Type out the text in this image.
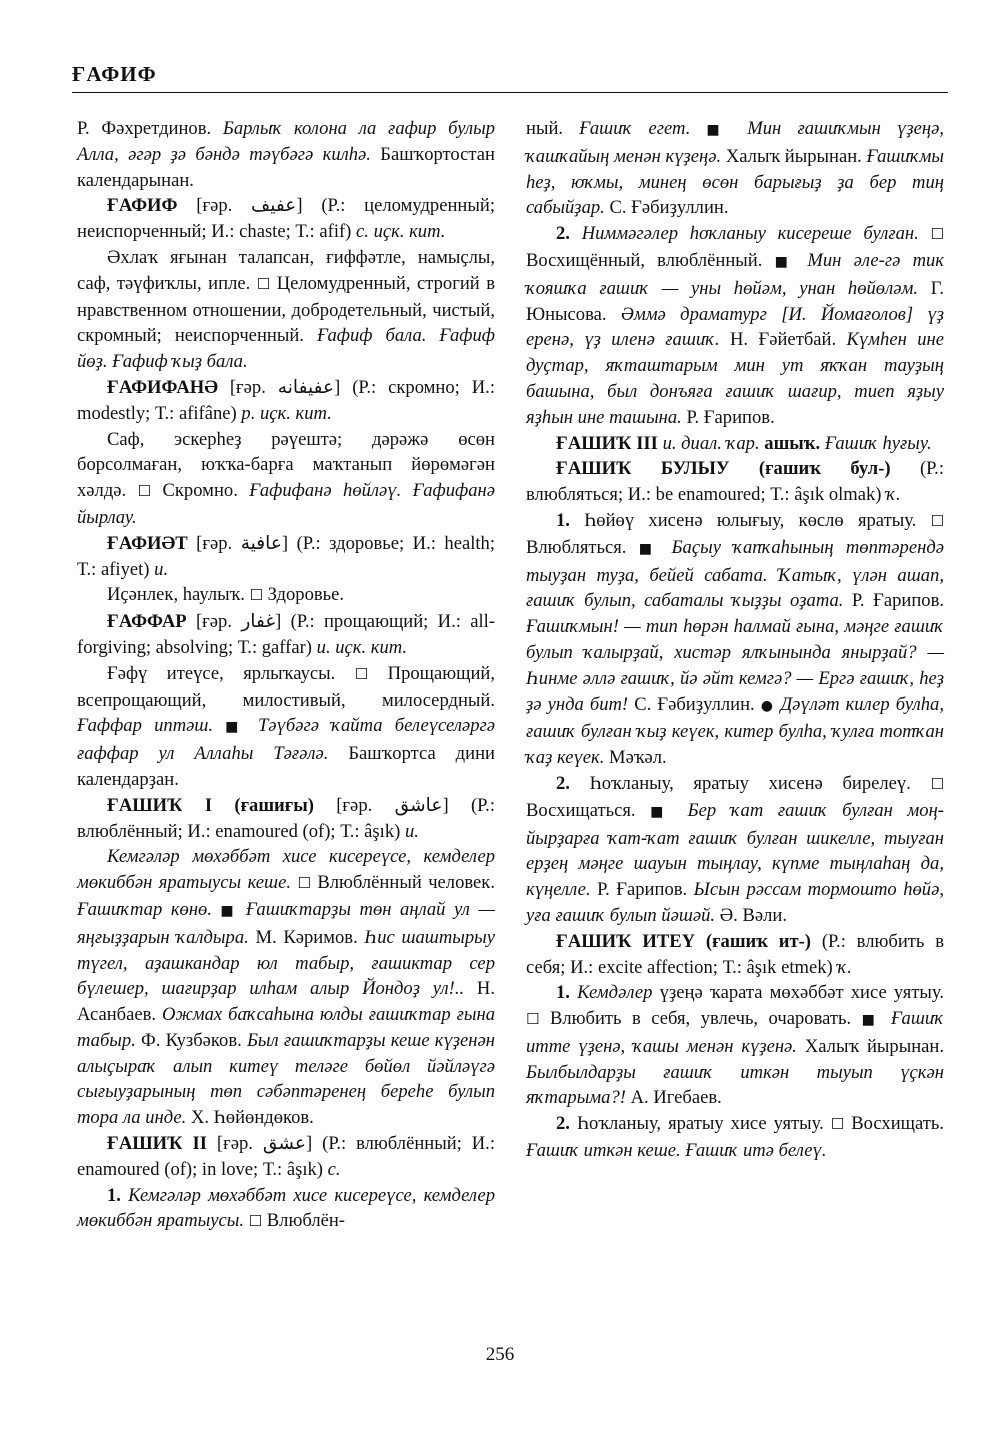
ҒАФИФ

Р. Фәхретдинов. Барлыҡ колона ла ғафир булыр Алла, әгәр ҙә бәндә тәүбәгә килһә. Башҡортостан календарынан.

ҒАФИФ [ғәр. عفيف] (Р.: целомудренный; неиспорченный; И.: chaste; Т.: afif) с. иҫк. кит.

Әхлаҡ яғынан талапсан, ғиффәтле, намыҫлы, саф, тәүфиҡлы, ипле. ☐ Целомудренный, строгий в нравственном отношении, добродетельный, чистый, скромный; неиспорченный. Ғафиф бала. Ғафиф йөҙ. Ғафиф ҡыҙ бала.

ҒАФИФАНӘ [ғәр. عفيفانه] (Р.: скромно; И.: modestly; Т.: afifâne) р. иҫк. кит.

Саф, эскерһеҙ рәүештә; дәрәжә өсөн борсолмаған, юҡҡа-барға маҡтанып йөрөмәгән хәлдә. ☐ Скромно. Ғафифанә һөйләү. Ғафифанә йырлау.

ҒАФИӘТ [ғәр. عافية] (Р.: здоровье; И.: health; Т.: afiyet) и.

Иҫәнлек, һаулыҡ. ☐ Здоровье.

ҒАФФАР [ғәр. غفار] (Р.: прощающий; И.: all-forgiving; absolving; Т.: gaffar) и. иҫк. кит.

Ғәфү итеүсе, ярлыҡаусы. ☐ Прощающий, всепрощающий, милостивый, милосердный. Ғаффар иптәш. ■ Тәүбәгә ҡайта белеүселәргә ғаффар ул Аллаһы Тәғәлә. Башҡортса дини календарҙан.

ҒАШИҠ I (ғашиғы) [ғәр. عاشق] (Р.: влюблённый; И.: enamoured (of); Т.: âşık) и.

Кемгәләр мөхәббәт хисе кисереүсе, кемделер мөкиббән яратыусы кеше. ☐ Влюблённый человек. Ғашиҡтар көнө. ■ Ғашиҡтарҙы төн аңлай ул — яңғыҙҙарын ҡалдыра. М. Кәримов. Һис шаштырыу түгел, аҙашкандар юл табыр, ғашиктар сер бүлешер, шағирҙар илһам алыр Йондоҙ ул!.. Н. Асанбаев. Ожмах баҡсаһына юлды ғашиҡтар ғына табыр. Ф. Кузбәков. Был ғашиҡтарҙы кеше күҙенән алыҫыраҡ алып китеү теләге бөйөл йәйләүгә сығыуҙарының төп сәбәптәренең береһе булып тора ла инде. Х. Һөйөндөков.

ҒАШИҠ II [ғәр. عشق] (Р.: влюблённый; И.: enamoured (of); in love; Т.: âşık) с.

1. Кемгәләр мөхәббәт хисе кисереүсе, кемделер мөкиббән яратыусы. ☐ Влюблён-

ный. Ғашиҡ егет. ■ Мин ғашиҡмын үҙеңә, ҡашҡайың менән күҙеңә. Халыҡ йырынан. Ғашиҡмы һеҙ, юҡмы, минең өсөн барығыҙ ҙа бер тиң сабыйҙар. С. Ғәбиҙуллин.

2. Ниммәгәлер һоҡланыу кисереше булған. ☐ Восхищённый, влюблённый. ■ Мин әле-гә тик ҡояшҡа ғашиҡ — уны һөйәм, унан һөйөләм. Г. Юнысова. Әммә драматург [И. Йомағолов] үҙ еренә, үҙ иленә ғашиҡ. Н. Ғәйетбай. Күмһен ине дуҫтар, яҡташтарым мин ут яҡҡан тауҙың башына, был донъяға ғашиҡ шағир, тиеп яҙыу яҙһын ине ташына. Р. Ғарипов.

ҒАШИҠ III и. диал. ҡар. ашыҡ. Ғашиҡ һуғыу.

ҒАШИҠ БУЛЫУ (ғашиҡ бул-) (Р.: влюбляться; И.: be enamoured; Т.: âşık olmak) ҡ.

1. Һөйөү хисенә юлығыу, көслө яратыу. ☐ Влюбляться. ■ Баҫыу ҡапҡаһының төптәрендә тыуҙан туҙа, бейей сабата. Ҡатыҡ, үлән ашап, ғашиҡ булып, сабаталы ҡыҙҙы оҙата. Р. Ғарипов. Ғашиҡмын! — тип һөрән һалмай ғына, мәңге ғашиҡ булып ҡалырҙай, хистәр ялҡынында янырҙай? — Һинме әллә ғашиҡ, йә әйт кемгә? — Ергә ғашиҡ, һеҙ ҙә унда бит! С. Ғәбиҙуллин. ● Дәүләт килер булһа, ғашиҡ булған ҡыҙ кеүек, китер булһа, ҡулға тотҡан ҡаҙ кеүек. Мәҡәл.

2. Һоҡланыу, яратыу хисенә бирелеү. ☐ Восхищаться. ■ Бер ҡат ғашиҡ булған моң-йырҙарға ҡат-ҡат ғашиҡ булған шикелле, тыуған ерҙең мәңге шауын тыңлау, күпме тыңлаһаң да, күңелле. Р. Ғарипов. Ысын рәссам тормошто һөйә, уға ғашиҡ булып йәшәй. Ә. Вәли.

ҒАШИҠ ИТЕҮ (ғашиҡ ит-) (Р.: влюбить в себя; И.: excite affection; Т.: âşık etmek) ҡ.

1. Кемдәлер үҙеңә ҡарата мөхәббәт хисе уятыу. ☐ Влюбить в себя, увлечь, очаровать. ■ Ғашиҡ итте үҙенә, ҡашы менән күҙенә. Халыҡ йырынан. Былбылдарҙы ғашиҡ иткән тыуып үҫкән яҡтарыма?! А. Игебаев.

2. Һоҡланыу, яратыу хисе уятыу. ☐ Восхищать. Ғашиҡ иткән кеше. Ғашиҡ итә белеү.

256
